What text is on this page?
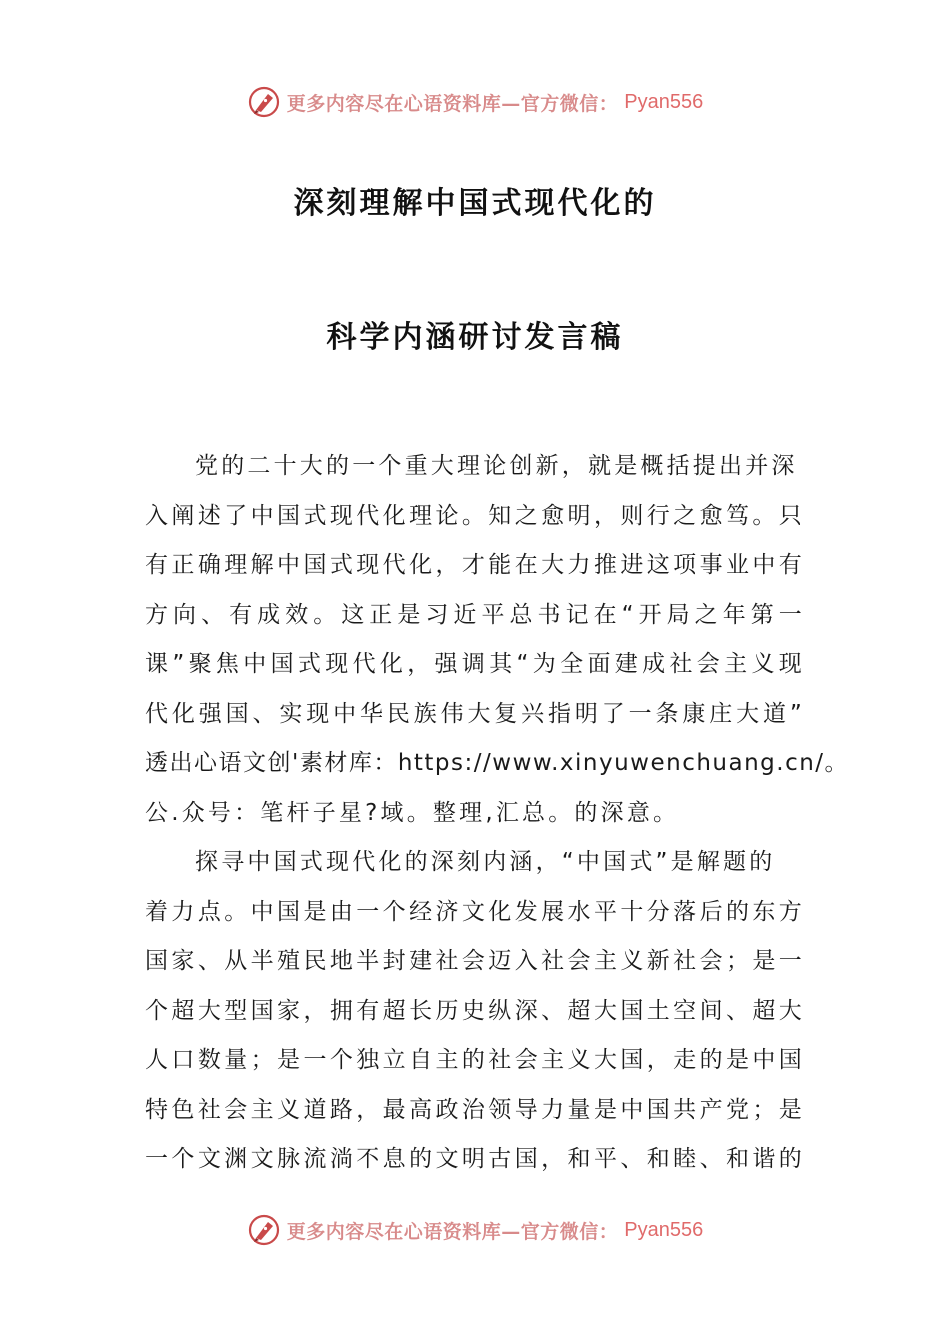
更多内容尽在心语资料库—官方微信： Pyan556
深刻理解中国式现代化的
科学内涵研讨发言稿
党的二十大的一个重大理论创新，就是概括提出并深
入阐述了中国式现代化理论。知之愈明，则行之愈笃。只
有正确理解中国式现代化，才能在大力推进这项事业中有
方向、有成效。这正是习近平总书记在“开局之年第一
课”聚焦中国式现代化，强调其“为全面建成社会主义现
代化强国、实现中华民族伟大复兴指明了一条康庄大道”
透出心语文创'素材库：https://www.xinyuwenchuang.cn/。
公.众号：笔杆子星?域。整理,汇总。的深意。
探寻中国式现代化的深刻内涵，“中国式”是解题的
着力点。中国是由一个经济文化发展水平十分落后的东方
国家、从半殖民地半封建社会迈入社会主义新社会；是一
个超大型国家，拥有超长历史纵深、超大国土空间、超大
人口数量；是一个独立自主的社会主义大国，走的是中国
特色社会主义道路，最高政治领导力量是中国共产党；是
一个文渊文脉流淌不息的文明古国，和平、和睦、和谐的
更多内容尽在心语资料库—官方微信： Pyan556
